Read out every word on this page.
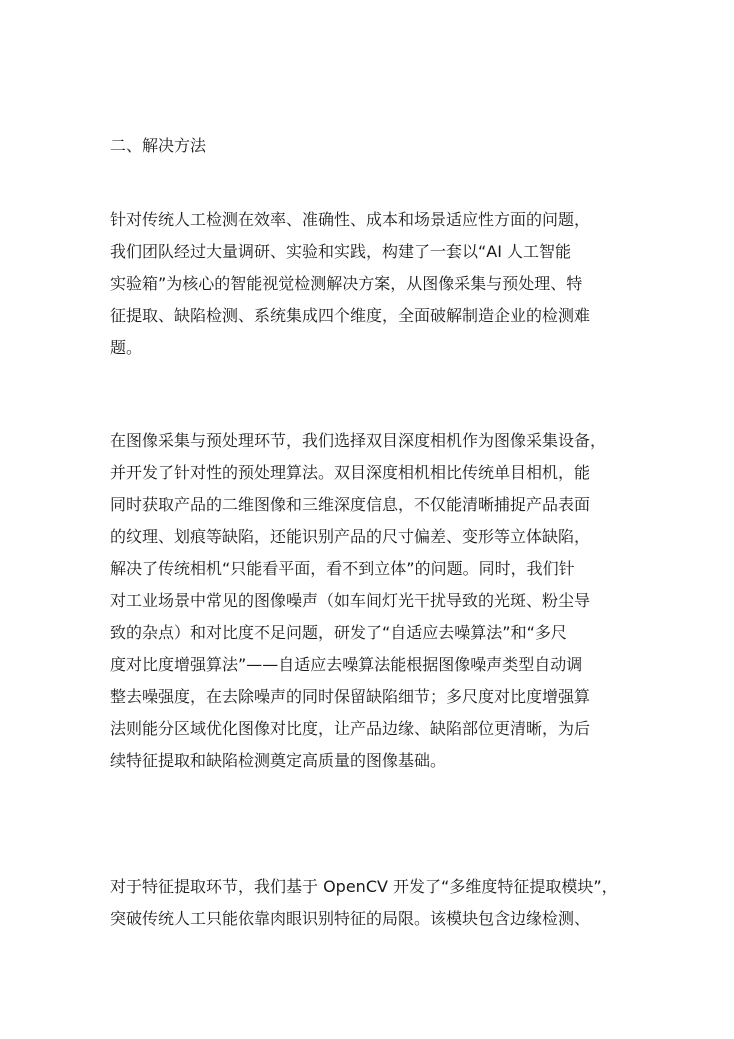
二、解决方法
针对传统人工检测在效率、准确性、成本和场景适应性方面的问题，
我们团队经过大量调研、实验和实践，构建了一套以“AI 人工智能
实验箱”为核心的智能视觉检测解决方案，从图像采集与预处理、特
征提取、缺陷检测、系统集成四个维度，全面破解制造企业的检测难
题。
在图像采集与预处理环节，我们选择双目深度相机作为图像采集设备，
并开发了针对性的预处理算法。双目深度相机相比传统单目相机，能
同时获取产品的二维图像和三维深度信息，不仅能清晰捕捉产品表面
的纹理、划痕等缺陷，还能识别产品的尺寸偏差、变形等立体缺陷，
解决了传统相机“只能看平面，看不到立体”的问题。同时，我们针
对工业场景中常见的图像噪声（如车间灯光干扰导致的光斑、粉尘导
致的杂点）和对比度不足问题，研发了“自适应去噪算法”和“多尺
度对比度增强算法”——自适应去噪算法能根据图像噪声类型自动调
整去噪强度，在去除噪声的同时保留缺陷细节；多尺度对比度增强算
法则能分区域优化图像对比度，让产品边缘、缺陷部位更清晰，为后
续特征提取和缺陷检测奠定高质量的图像基础。
对于特征提取环节，我们基于 OpenCV 开发了“多维度特征提取模块”，
突破传统人工只能依靠肉眼识别特征的局限。该模块包含边缘检测、
